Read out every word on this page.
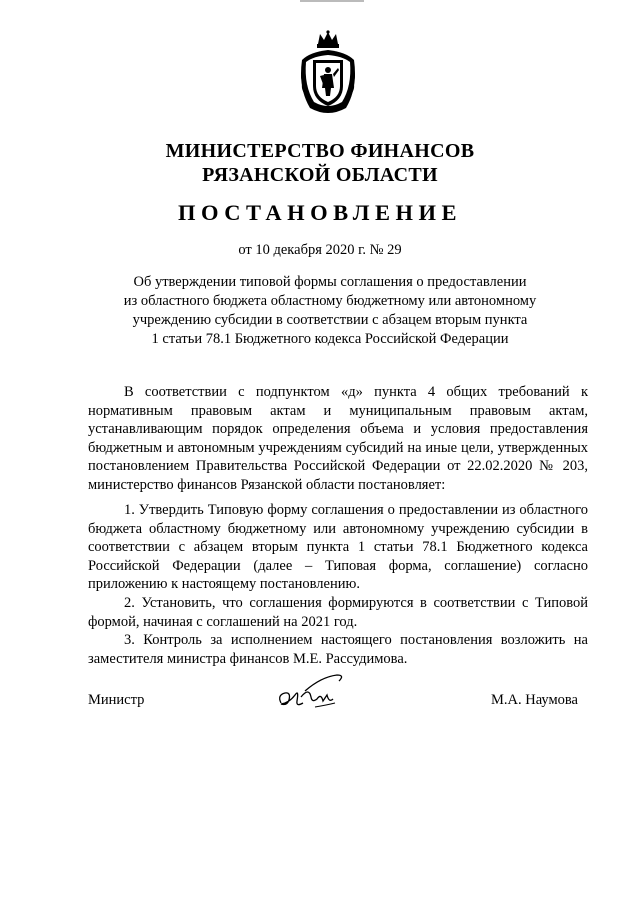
МИНИСТЕРСТВО ФИНАНСОВ
РЯЗАНСКОЙ ОБЛАСТИ
ПОСТАНОВЛЕНИЕ
от 10 декабря 2020 г. № 29
Об утверждении типовой формы соглашения о предоставлении
из областного бюджета областному бюджетному или автономному
учреждению субсидии в соответствии с абзацем вторым пункта
1 статьи 78.1 Бюджетного кодекса Российской Федерации

В соответствии с подпунктом «д» пункта 4 общих требований к нормативным правовым актам и муниципальным правовым актам, устанавливающим порядок определения объема и условия предоставления бюджетным и автономным учреждениям субсидий на иные цели, утвержденных постановлением Правительства Российской Федерации от 22.02.2020 № 203, министерство финансов Рязанской области постановляет:

1. Утвердить Типовую форму соглашения о предоставлении из областного бюджета областному бюджетному или автономному учреждению субсидии в соответствии с абзацем вторым пункта 1 статьи 78.1 Бюджетного кодекса Российской Федерации (далее – Типовая форма, соглашение) согласно приложению к настоящему постановлению.

2. Установить, что соглашения формируются в соответствии с Типовой формой, начиная с соглашений на 2021 год.

3. Контроль за исполнением настоящего постановления возложить на заместителя министра финансов М.Е. Рассудимова.

Министр	М.А. Наумова
